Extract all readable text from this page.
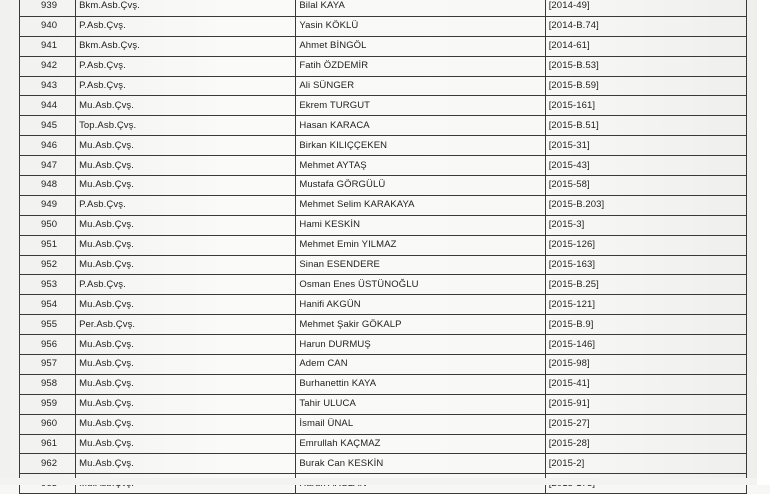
939	Bkm.Asb.Çvş.	Bilal KAYA	[2014-49]
940	P.Asb.Çvş.	Yasin KÖKLÜ	[2014-B.74]
941	Bkm.Asb.Çvş.	Ahmet BİNGÖL	[2014-61]
942	P.Asb.Çvş.	Fatih ÖZDEMİR	[2015-B.53]
943	P.Asb.Çvş.	Ali SÜNGER	[2015-B.59]
944	Mu.Asb.Çvş.	Ekrem TURGUT	[2015-161]
945	Top.Asb.Çvş.	Hasan KARACA	[2015-B.51]
946	Mu.Asb.Çvş.	Birkan KILIÇÇEKEN	[2015-31]
947	Mu.Asb.Çvş.	Mehmet AYTAŞ	[2015-43]
948	Mu.Asb.Çvş.	Mustafa GÖRGÜLÜ	[2015-58]
949	P.Asb.Çvş.	Mehmet Selim KARAKAYA	[2015-B.203]
950	Mu.Asb.Çvş.	Hami KESKİN	[2015-3]
951	Mu.Asb.Çvş.	Mehmet Emin YILMAZ	[2015-126]
952	Mu.Asb.Çvş.	Sinan ESENDERE	[2015-163]
953	P.Asb.Çvş.	Osman Enes ÜSTÜNOĞLU	[2015-B.25]
954	Mu.Asb.Çvş.	Hanifi AKGÜN	[2015-121]
955	Per.Asb.Çvş.	Mehmet Şakir GÖKALP	[2015-B.9]
956	Mu.Asb.Çvş.	Harun DURMUŞ	[2015-146]
957	Mu.Asb.Çvş.	Adem CAN	[2015-98]
958	Mu.Asb.Çvş.	Burhanettin KAYA	[2015-41]
959	Mu.Asb.Çvş.	Tahir ULUCA	[2015-91]
960	Mu.Asb.Çvş.	İsmail ÜNAL	[2015-27]
961	Mu.Asb.Çvş.	Emrullah KAÇMAZ	[2015-28]
962	Mu.Asb.Çvş.	Burak Can KESKİN	[2015-2]
